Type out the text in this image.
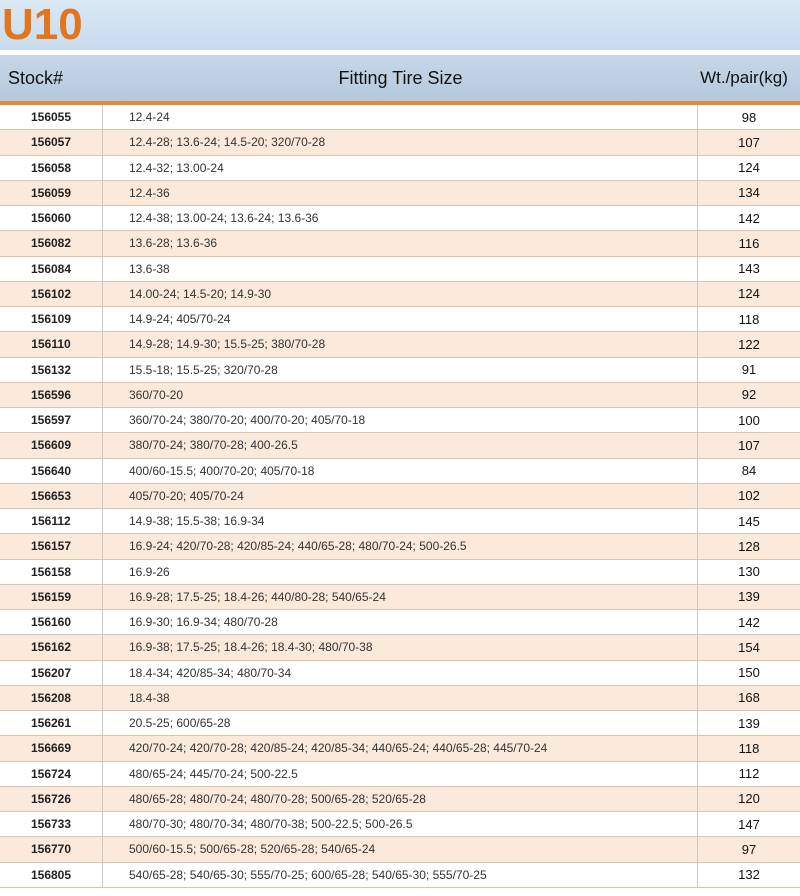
U10
Stock#	Fitting Tire Size	Wt./pair(kg)
156055	12.4-24	98
156057	12.4-28; 13.6-24; 14.5-20; 320/70-28	107
156058	12.4-32; 13.00-24	124
156059	12.4-36	134
156060	12.4-38; 13.00-24; 13.6-24; 13.6-36	142
156082	13.6-28; 13.6-36	116
156084	13.6-38	143
156102	14.00-24; 14.5-20; 14.9-30	124
156109	14.9-24; 405/70-24	118
156110	14.9-28; 14.9-30; 15.5-25; 380/70-28	122
156132	15.5-18; 15.5-25; 320/70-28	91
156596	360/70-20	92
156597	360/70-24; 380/70-20; 400/70-20; 405/70-18	100
156609	380/70-24; 380/70-28; 400-26.5	107
156640	400/60-15.5; 400/70-20; 405/70-18	84
156653	405/70-20; 405/70-24	102
156112	14.9-38; 15.5-38; 16.9-34	145
156157	16.9-24; 420/70-28; 420/85-24; 440/65-28; 480/70-24; 500-26.5	128
156158	16.9-26	130
156159	16.9-28; 17.5-25; 18.4-26; 440/80-28; 540/65-24	139
156160	16.9-30; 16.9-34; 480/70-28	142
156162	16.9-38; 17.5-25; 18.4-26; 18.4-30; 480/70-38	154
156207	18.4-34; 420/85-34; 480/70-34	150
156208	18.4-38	168
156261	20.5-25; 600/65-28	139
156669	420/70-24; 420/70-28; 420/85-24; 420/85-34; 440/65-24; 440/65-28; 445/70-24	118
156724	480/65-24; 445/70-24; 500-22.5	112
156726	480/65-28; 480/70-24; 480/70-28; 500/65-28; 520/65-28	120
156733	480/70-30; 480/70-34; 480/70-38; 500-22.5; 500-26.5	147
156770	500/60-15.5; 500/65-28; 520/65-28; 540/65-24	97
156805	540/65-28; 540/65-30; 555/70-25; 600/65-28; 540/65-30; 555/70-25	132
